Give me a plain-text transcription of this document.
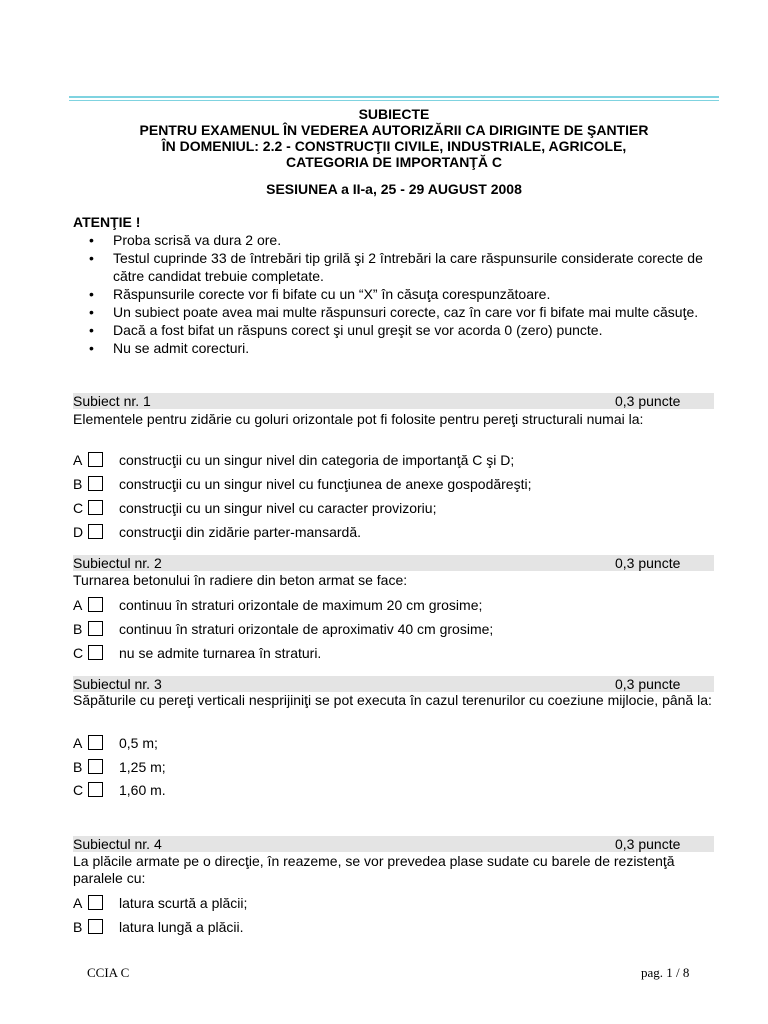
SUBIECTE
PENTRU EXAMENUL ÎN VEDEREA AUTORIZĂRII CA DIRIGINTE DE ŞANTIER
ÎN DOMENIUL: 2.2 - CONSTRUCŢII CIVILE, INDUSTRIALE, AGRICOLE,
CATEGORIA DE IMPORTANŢĂ C
SESIUNEA a II-a, 25 - 29 AUGUST 2008
ATENŢIE !
• Proba scrisă va dura 2 ore.
• Testul cuprinde 33 de întrebări tip grilă şi 2 întrebări la care răspunsurile considerate corecte de către candidat trebuie completate.
• Răspunsurile corecte vor fi bifate cu un “X” în căsuţa corespunzătoare.
• Un subiect poate avea mai multe răspunsuri corecte, caz în care vor fi bifate mai multe căsuţe.
• Dacă a fost bifat un răspuns corect şi unul greşit se vor acorda 0 (zero) puncte.
• Nu se admit corecturi.
Subiect nr. 1	0,3 puncte
Elementele pentru zidărie cu goluri orizontale pot fi folosite pentru pereţi structurali numai la:
A	construcţii cu un singur nivel din categoria de importanţă C şi D;
B	construcţii cu un singur nivel cu funcţiunea de anexe gospodăreşti;
C	construcţii cu un singur nivel cu caracter provizoriu;
D	construcţii din zidărie parter-mansardă.
Subiectul nr. 2	0,3 puncte
Turnarea betonului în radiere din beton armat se face:
A	continuu în straturi orizontale de maximum 20 cm grosime;
B	continuu în straturi orizontale de aproximativ 40 cm grosime;
C	nu se admite turnarea în straturi.
Subiectul nr. 3	0,3 puncte
Săpăturile cu pereţi verticali nesprijiniţi se pot executa în cazul terenurilor cu coeziune mijlocie, până la:
A	0,5 m;
B	1,25 m;
C	1,60 m.
Subiectul nr. 4	0,3 puncte
La plăcile armate pe o direcţie, în reazeme, se vor prevedea plase sudate cu barele de rezistenţă paralele cu:
A	latura scurtă a plăcii;
B	latura lungă a plăcii.
CCIA C	pag. 1 / 8
